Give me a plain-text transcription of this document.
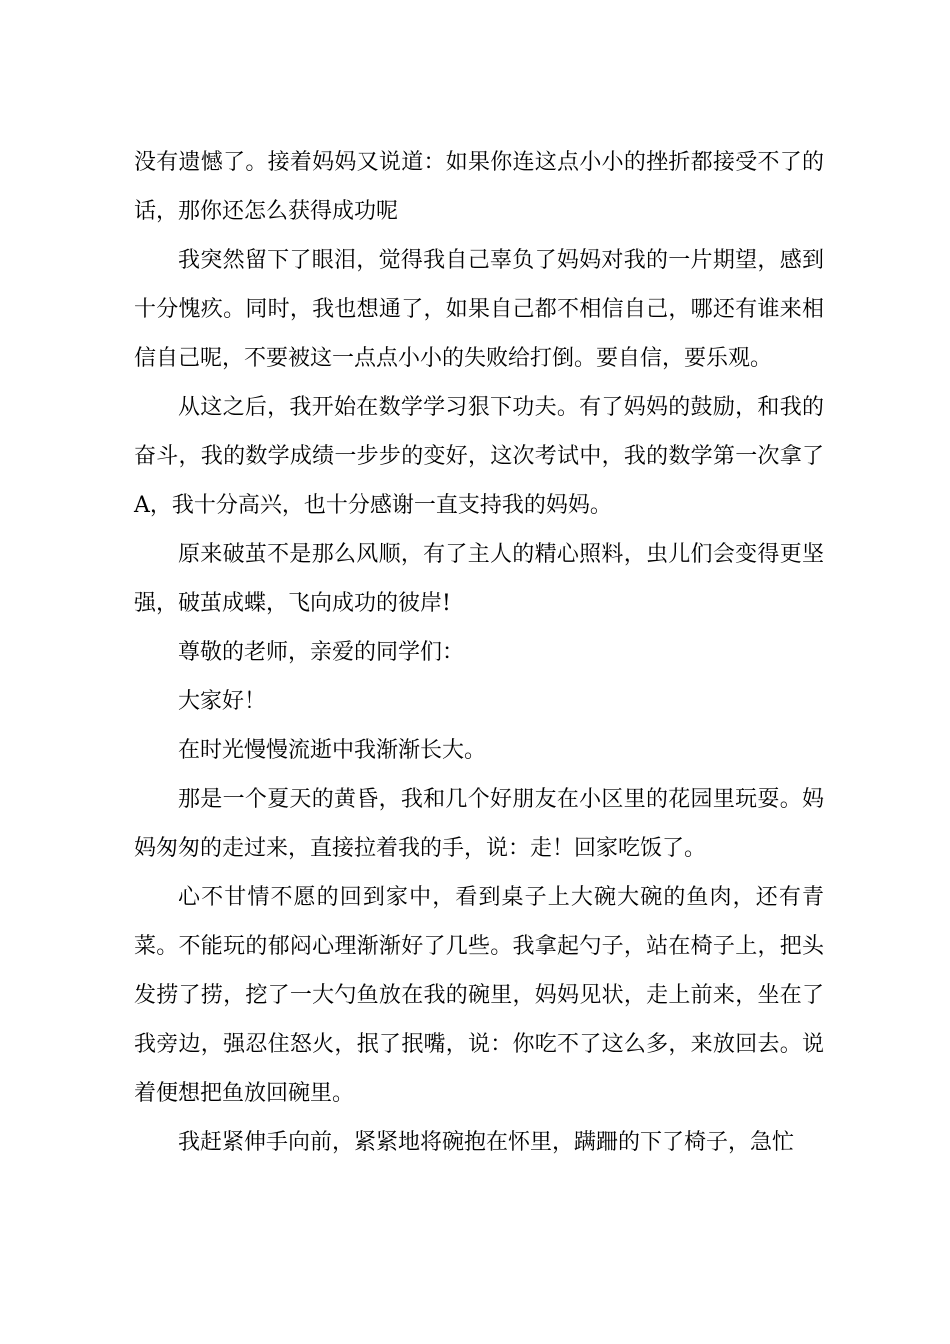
没有遗憾了。接着妈妈又说道：如果你连这点小小的挫折都接受不了的话，那你还怎么获得成功呢

我突然留下了眼泪，觉得我自己辜负了妈妈对我的一片期望，感到十分愧疚。同时，我也想通了，如果自己都不相信自己，哪还有谁来相信自己呢，不要被这一点点小小的失败给打倒。要自信，要乐观。

从这之后，我开始在数学学习狠下功夫。有了妈妈的鼓励，和我的奋斗，我的数学成绩一步步的变好，这次考试中，我的数学第一次拿了A，我十分高兴，也十分感谢一直支持我的妈妈。

原来破茧不是那么风顺，有了主人的精心照料，虫儿们会变得更坚强，破茧成蝶，飞向成功的彼岸!

尊敬的老师，亲爱的同学们：

大家好！

在时光慢慢流逝中我渐渐长大。

那是一个夏天的黄昏，我和几个好朋友在小区里的花园里玩耍。妈妈匆匆的走过来，直接拉着我的手，说：走！回家吃饭了。

心不甘情不愿的回到家中，看到桌子上大碗大碗的鱼肉，还有青菜。不能玩的郁闷心理渐渐好了几些。我拿起勺子，站在椅子上，把头发捞了捞，挖了一大勺鱼放在我的碗里，妈妈见状，走上前来，坐在了我旁边，强忍住怒火，抿了抿嘴，说：你吃不了这么多，来放回去。说着便想把鱼放回碗里。

我赶紧伸手向前，紧紧地将碗抱在怀里，蹒跚的下了椅子，急忙
